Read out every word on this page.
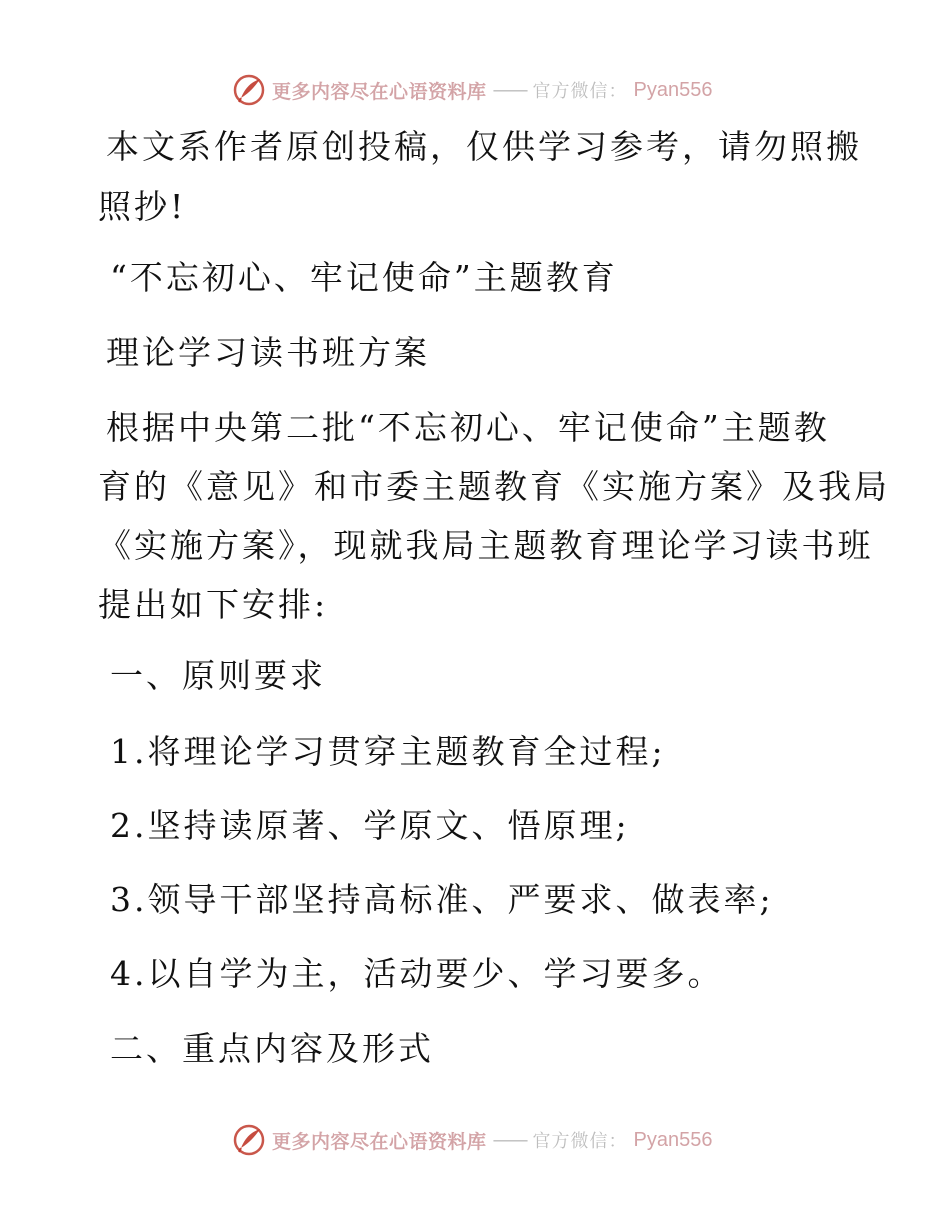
更多内容尽在心语资料库 —— 官方微信： Pyan556
本文系作者原创投稿，仅供学习参考，请勿照搬
照抄!
“不忘初心、牢记使命”主题教育
理论学习读书班方案
根据中央第二批“不忘初心、牢记使命”主题教
育的《意见》和市委主题教育《实施方案》及我局
《实施方案》，现就我局主题教育理论学习读书班
提出如下安排:
一、原则要求
1.将理论学习贯穿主题教育全过程;
2.坚持读原著、学原文、悟原理;
3.领导干部坚持高标准、严要求、做表率;
4.以自学为主，活动要少、学习要多。
二、重点内容及形式
更多内容尽在心语资料库 —— 官方微信： Pyan556
